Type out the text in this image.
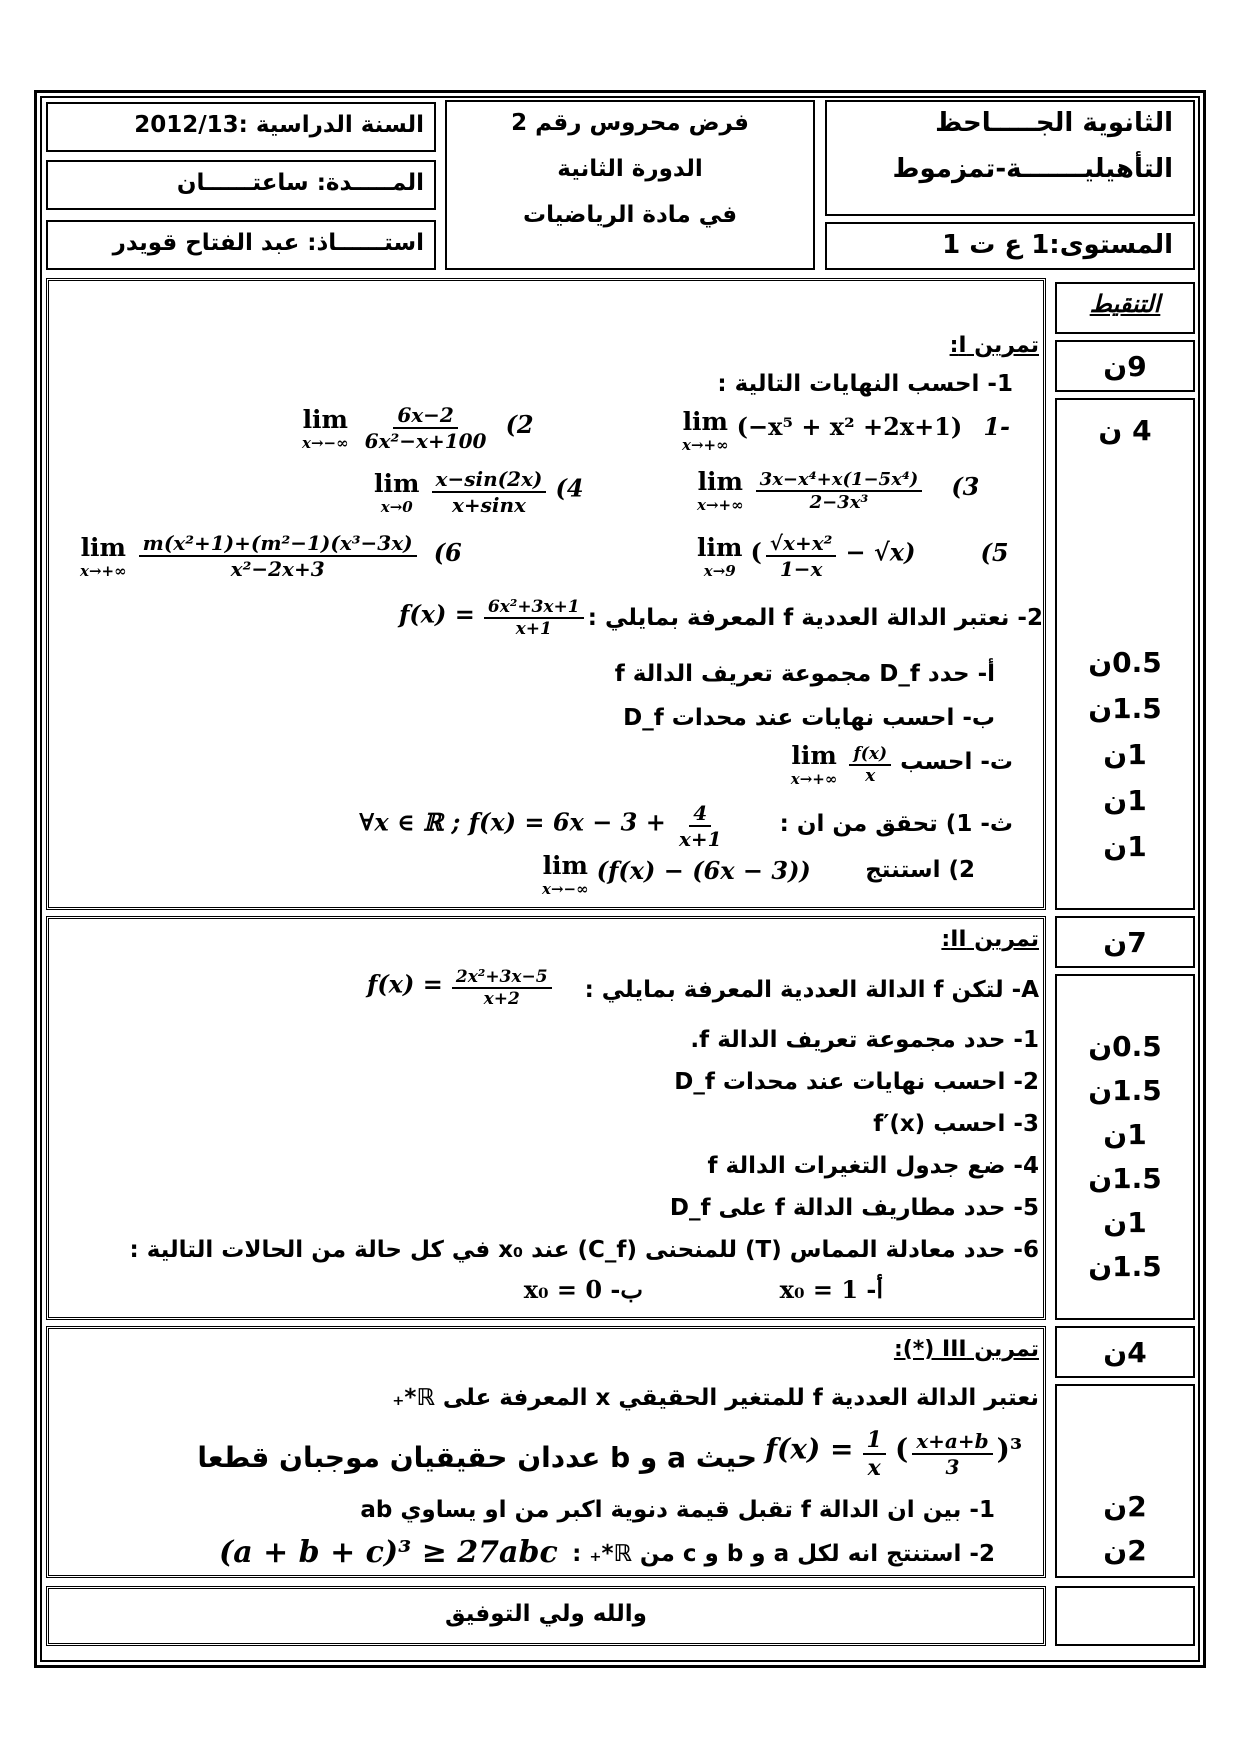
الثانوية الجـــــاحظ
التأهيليـــــــة-تمزموط
المستوى:1 ع ت 1
فرض محروس رقم 2
الدورة الثانية
في مادة الرياضيات
السنة الدراسية :2012/13
المـــــدة: ساعتــــــان
استــــــاذ: عبد الفتاح قويدر
التنقيط
تمرين I:
1- احسب النهايات التالية :
lim
x→+∞
(−x⁵ + x² +2x+1) 1-
lim
x→−∞
$\frac{6x-2}{\text{6x²−x+100}} (2$
lim
x→+∞
$\frac{\text{3x−x⁴+x(1−5x⁴)}}{\text{2−3x³}} (3$
lim
x→0
$\frac{x-\sin(2x)}{x+\sin x} (4$
lim
x→9
( $\frac{\text{√x+x²}}{1-x} - √x$)	(5
lim
x→+∞
$\frac{\text{m(x²+1)+(m²−1)(x³−3x)}}{\text{x²−2x+3}} (6$
2- نعتبر الدالة العددية f المعرفة بمايلي :
$f(x) = \frac{\text{6x²+3x+1}}{x+1}$
أ- حدد D_f مجموعة تعريف الدالة f
ب- احسب نهايات عند محدات D_f
ت- احسب
$\frac{f(x)}{x}$

lim
x→+∞
ث- 1) تحقق من ان :
∀x ∈ ℝ ; $f(x) = 6x - 3 + \frac{4}{x+1}$
2) استنتج
lim
x→−∞
(f(x) − (6x − 3))
9ن
4 ن
0.5ن
1.5ن
1ن
1ن
1ن
تمرين II:
A- لتكن f الدالة العددية المعرفة بمايلي :
$f(x) = \frac{\text{2x²+3x−5}}{x+2}$
1- حدد مجموعة تعريف الدالة f.
2- احسب نهايات عند محدات D_f
3- احسب f′(x)
4- ضع جدول التغيرات الدالة f
5- حدد مطاريف الدالة f على D_f
6- حدد معادلة المماس (T) للمنحنى (C_f) عند x₀ في كل حالة من الحالات التالية :
أ- x₀ = 1
ب- x₀ = 0
7ن
0.5ن
1.5ن
1ن
1.5ن
1ن
1.5ن
تمرين III (*):
نعتبر الدالة العددية f للمتغير الحقيقي x المعرفة على ℝ*₊
حيث a و b عددان حقيقيان موجبان قطعا $f(x) = \frac{1}{x}$ ( $\frac{x+a+b}{3} )^3$
1- بين ان الدالة f تقبل قيمة دنوية اكبر من او يساوي ab
2- استنتج انه لكل a و b و c من ℝ*₊ :
(a + b + c)³ ≥ 27abc
4ن
2ن
2ن
والله ولي التوفيق
